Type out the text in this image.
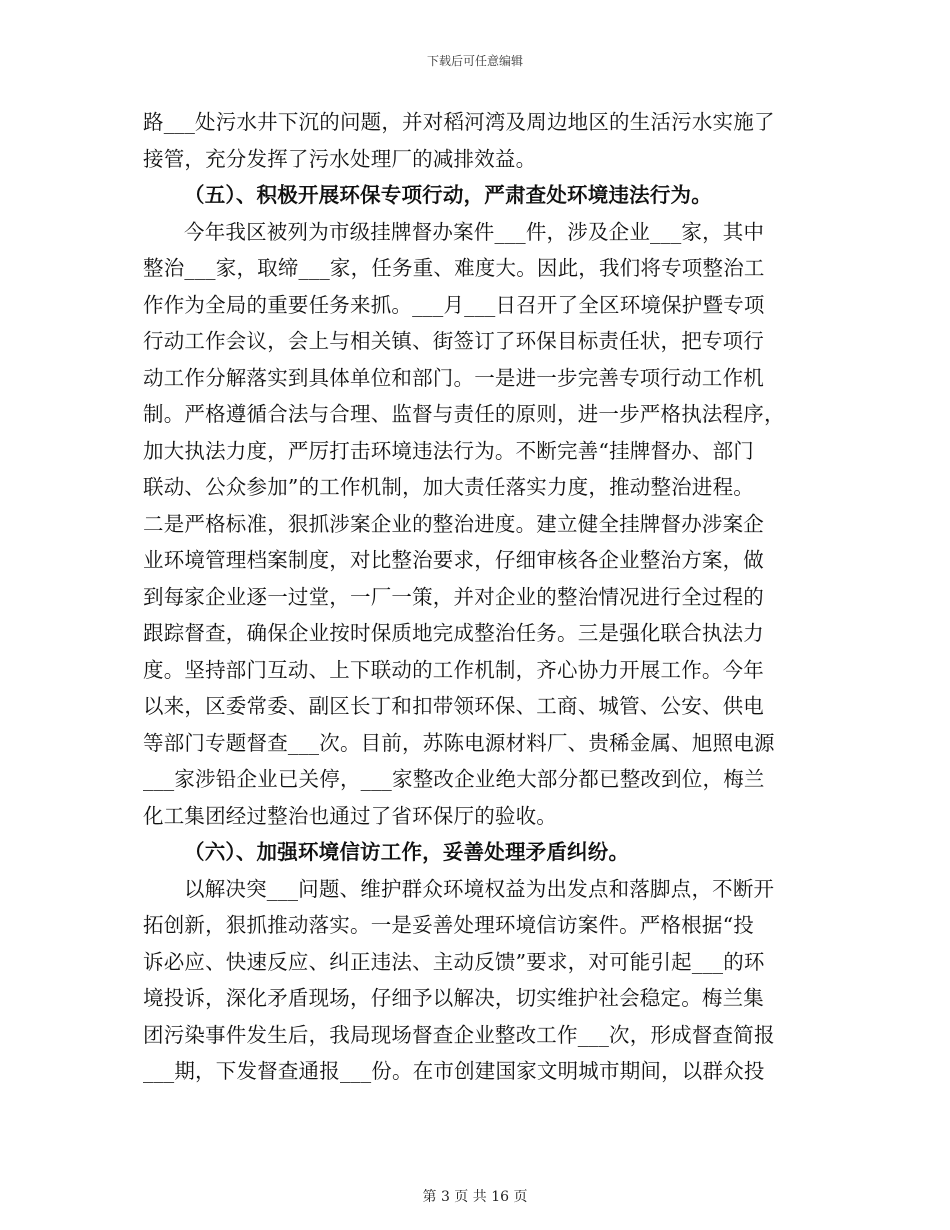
下载后可任意编辑
路___处污水井下沉的问题，并对稻河湾及周边地区的生活污水实施了
接管，充分发挥了污水处理厂的减排效益。
（五）、积极开展环保专项行动，严肃查处环境违法行为。
今年我区被列为市级挂牌督办案件___件，涉及企业___家，其中
整治___家，取缔___家，任务重、难度大。因此，我们将专项整治工
作作为全局的重要任务来抓。___月___日召开了全区环境保护暨专项
行动工作会议，会上与相关镇、街签订了环保目标责任状，把专项行
动工作分解落实到具体单位和部门。一是进一步完善专项行动工作机
制。严格遵循合法与合理、监督与责任的原则，进一步严格执法程序，
加大执法力度，严厉打击环境违法行为。不断完善“挂牌督办、部门
联动、公众参加”的工作机制，加大责任落实力度，推动整治进程。
二是严格标准，狠抓涉案企业的整治进度。建立健全挂牌督办涉案企
业环境管理档案制度，对比整治要求，仔细审核各企业整治方案，做
到每家企业逐一过堂，一厂一策，并对企业的整治情况进行全过程的
跟踪督查，确保企业按时保质地完成整治任务。三是强化联合执法力
度。坚持部门互动、上下联动的工作机制，齐心协力开展工作。今年
以来，区委常委、副区长丁和扣带领环保、工商、城管、公安、供电
等部门专题督查___次。目前，苏陈电源材料厂、贵稀金属、旭照电源
___家涉铅企业已关停，___家整改企业绝大部分都已整改到位，梅兰
化工集团经过整治也通过了省环保厅的验收。
（六）、加强环境信访工作，妥善处理矛盾纠纷。
以解决突___问题、维护群众环境权益为出发点和落脚点，不断开
拓创新，狠抓推动落实。一是妥善处理环境信访案件。严格根据“投
诉必应、快速反应、纠正违法、主动反馈”要求，对可能引起___的环
境投诉，深化矛盾现场，仔细予以解决，切实维护社会稳定。梅兰集
团污染事件发生后，我局现场督查企业整改工作___次，形成督查简报
___期，下发督查通报___份。在市创建国家文明城市期间，以群众投
第 3 页 共 16 页
